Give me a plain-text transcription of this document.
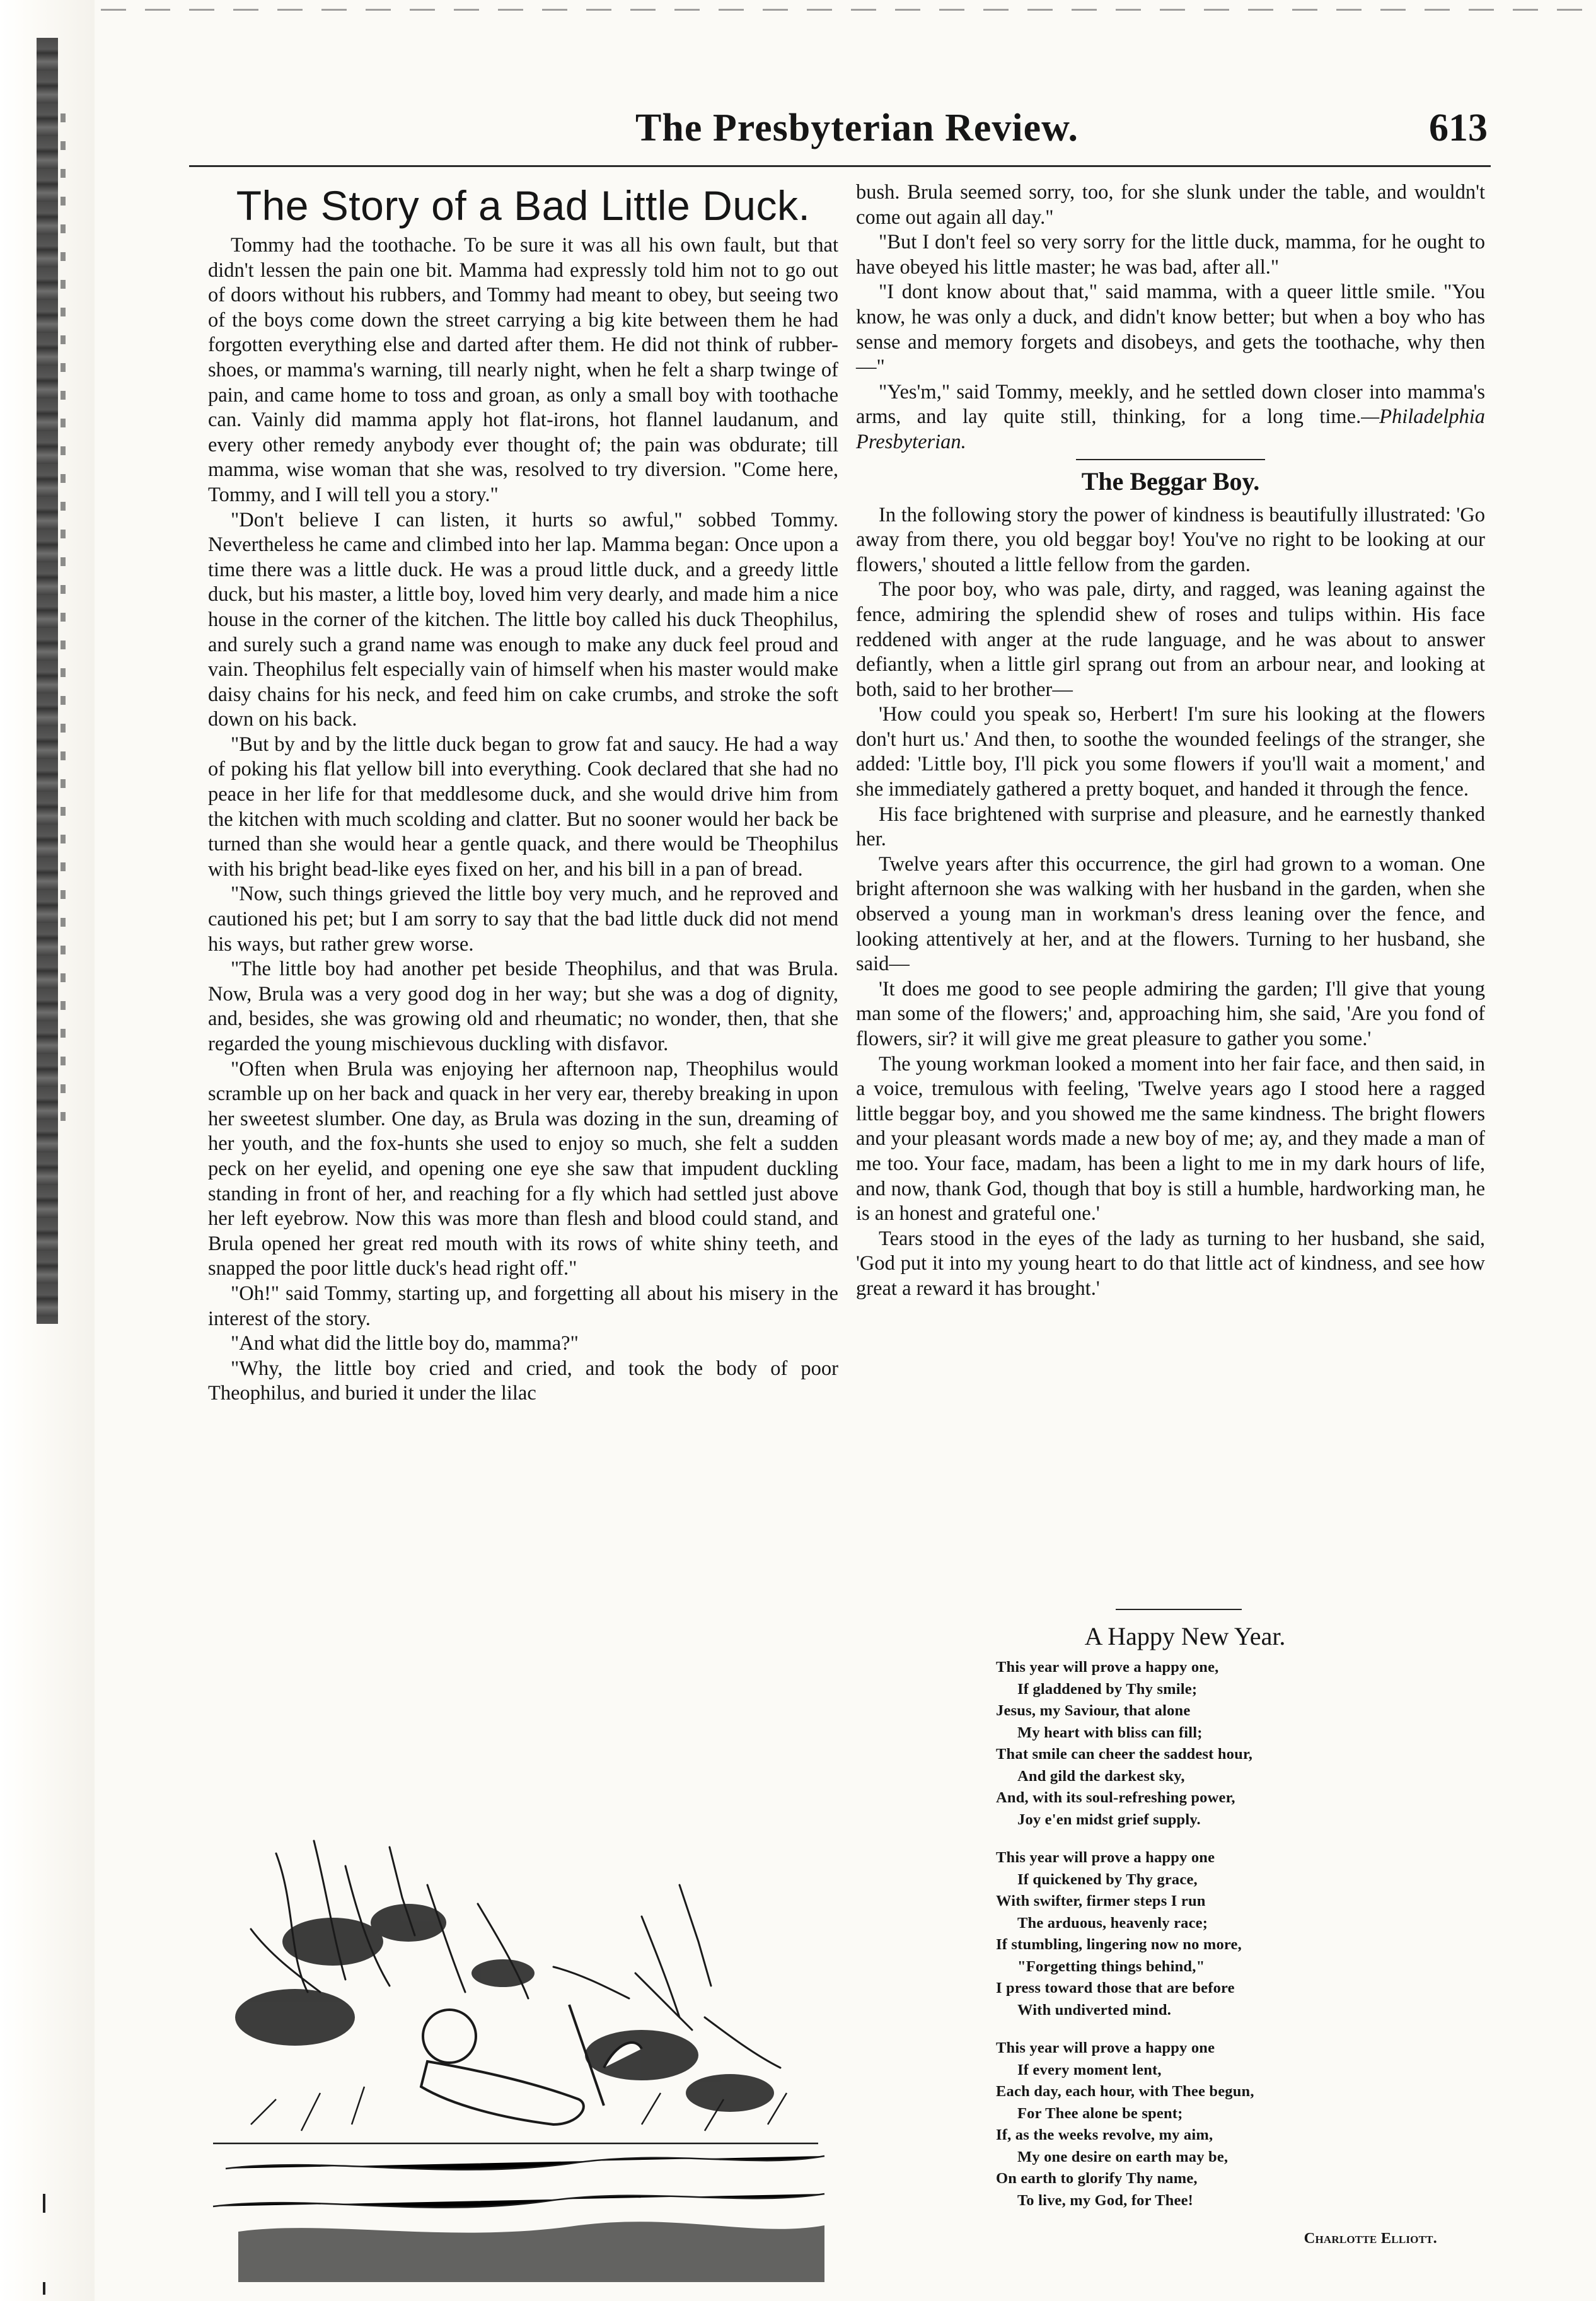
The Presbyterian Review.	613
The Story of a Bad Little Duck.

Tommy had the toothache. To be sure it was all his own fault, but that didn't lessen the pain one bit. Mamma had expressly told him not to go out of doors without his rubbers, and Tommy had meant to obey, but seeing two of the boys come down the street carrying a big kite between them he had forgotten everything else and darted after them. He did not think of rubber-shoes, or mamma's warning, till nearly night, when he felt a sharp twinge of pain, and came home to toss and groan, as only a small boy with toothache can. Vainly did mamma apply hot flat-irons, hot flannel laudanum, and every other remedy anybody ever thought of; the pain was obdurate; till mamma, wise woman that she was, resolved to try diversion. "Come here, Tommy, and I will tell you a story."

"Don't believe I can listen, it hurts so awful," sobbed Tommy. Nevertheless he came and climbed into her lap. Mamma began: Once upon a time there was a little duck. He was a proud little duck, and a greedy little duck, but his master, a little boy, loved him very dearly, and made him a nice house in the corner of the kitchen. The little boy called his duck Theophilus, and surely such a grand name was enough to make any duck feel proud and vain. Theophilus felt especially vain of himself when his master would make daisy chains for his neck, and feed him on cake crumbs, and stroke the soft down on his back.

"But by and by the little duck began to grow fat and saucy. He had a way of poking his flat yellow bill into everything. Cook declared that she had no peace in her life for that meddlesome duck, and she would drive him from the kitchen with much scolding and clatter. But no sooner would her back be turned than she would hear a gentle quack, and there would be Theophilus with his bright bead-like eyes fixed on her, and his bill in a pan of bread.

"Now, such things grieved the little boy very much, and he reproved and cautioned his pet; but I am sorry to say that the bad little duck did not mend his ways, but rather grew worse.

"The little boy had another pet beside Theophilus, and that was Brula. Now, Brula was a very good dog in her way; but she was a dog of dignity, and, besides, she was growing old and rheumatic; no wonder, then, that she regarded the young mischievous duckling with disfavor.

"Often when Brula was enjoying her afternoon nap, Theophilus would scramble up on her back and quack in her very ear, thereby breaking in upon her sweetest slumber. One day, as Brula was dozing in the sun, dreaming of her youth, and the fox-hunts she used to enjoy so much, she felt a sudden peck on her eyelid, and opening one eye she saw that impudent duckling standing in front of her, and reaching for a fly which had settled just above her left eyebrow. Now this was more than flesh and blood could stand, and Brula opened her great red mouth with its rows of white shiny teeth, and snapped the poor little duck's head right off."

"Oh!" said Tommy, starting up, and forgetting all about his misery in the interest of the story.

"And what did the little boy do, mamma?"

"Why, the little boy cried and cried, and took the body of poor Theophilus, and buried it under the lilac

bush. Brula seemed sorry, too, for she slunk under the table, and wouldn't come out again all day."

"But I don't feel so very sorry for the little duck, mamma, for he ought to have obeyed his little master; he was bad, after all."

"I dont know about that," said mamma, with a queer little smile. "You know, he was only a duck, and didn't know better; but when a boy who has sense and memory forgets and disobeys, and gets the toothache, why then—"

"Yes'm," said Tommy, meekly, and he settled down closer into mamma's arms, and lay quite still, thinking, for a long time.—Philadelphia Presbyterian.

The Beggar Boy.

In the following story the power of kindness is beautifully illustrated: 'Go away from there, you old beggar boy! You've no right to be looking at our flowers,' shouted a little fellow from the garden.

The poor boy, who was pale, dirty, and ragged, was leaning against the fence, admiring the splendid shew of roses and tulips within. His face reddened with anger at the rude language, and he was about to answer defiantly, when a little girl sprang out from an arbour near, and looking at both, said to her brother—

'How could you speak so, Herbert! I'm sure his looking at the flowers don't hurt us.' And then, to soothe the wounded feelings of the stranger, she added: 'Little boy, I'll pick you some flowers if you'll wait a moment,' and she immediately gathered a pretty boquet, and handed it through the fence.

His face brightened with surprise and pleasure, and he earnestly thanked her.

Twelve years after this occurrence, the girl had grown to a woman. One bright afternoon she was walking with her husband in the garden, when she observed a young man in workman's dress leaning over the fence, and looking attentively at her, and at the flowers. Turning to her husband, she said—

'It does me good to see people admiring the garden; I'll give that young man some of the flowers;' and, approaching him, she said, 'Are you fond of flowers, sir? it will give me great pleasure to gather you some.'

The young workman looked a moment into her fair face, and then said, in a voice, tremulous with feeling, 'Twelve years ago I stood here a ragged little beggar boy, and you showed me the same kindness. The bright flowers and your pleasant words made a new boy of me; ay, and they made a man of me too. Your face, madam, has been a light to me in my dark hours of life, and now, thank God, though that boy is still a humble, hardworking man, he is an honest and grateful one.'

Tears stood in the eyes of the lady as turning to her husband, she said, 'God put it into my young heart to do that little act of kindness, and see how great a reward it has brought.'

A Happy New Year.
This year will prove a happy one,
If gladdened by Thy smile;
Jesus, my Saviour, that alone
My heart with bliss can fill;
That smile can cheer the saddest hour,
And gild the darkest sky,
And, with its soul-refreshing power,
Joy e'en midst grief supply.
This year will prove a happy one
If quickened by Thy grace,
With swifter, firmer steps I run
The arduous, heavenly race;
If stumbling, lingering now no more,
"Forgetting things behind,"
I press toward those that are before
With undiverted mind.
This year will prove a happy one
If every moment lent,
Each day, each hour, with Thee begun,
For Thee alone be spent;
If, as the weeks revolve, my aim,
My one desire on earth may be,
On earth to glorify Thy name,
To live, my God, for Thee!
Charlotte Elliott.
